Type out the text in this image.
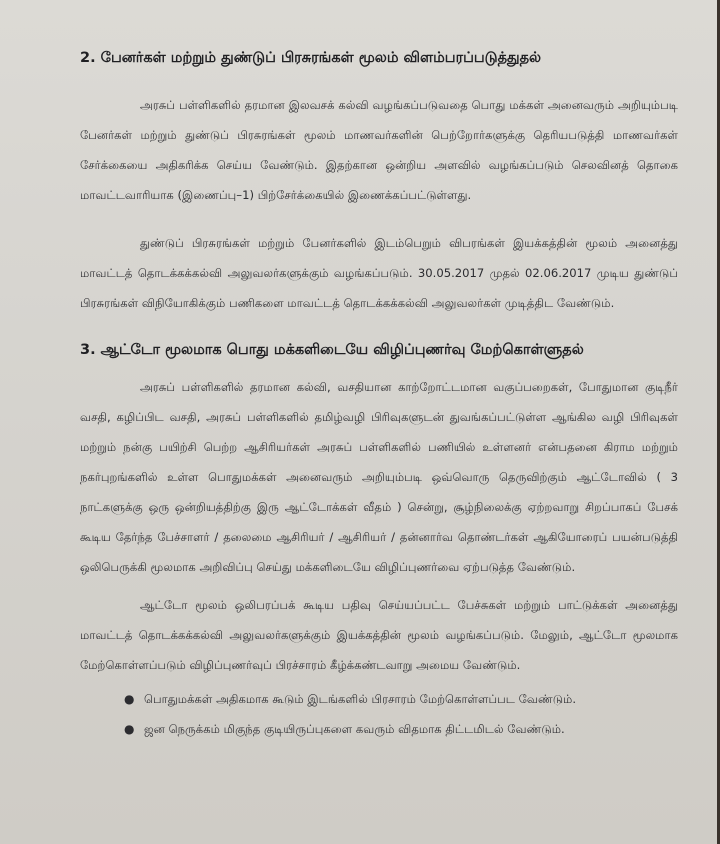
2. பேனர்கள் மற்றும் துண்டுப் பிரசுரங்கள் மூலம் விளம்பரப்படுத்துதல்

அரசுப் பள்ளிகளில் தரமான இலவசக் கல்வி வழங்கப்படுவதை பொது மக்கள் அனைவரும் அறியும்படி பேனர்கள் மற்றும் துண்டுப் பிரசுரங்கள் மூலம் மாணவர்களின் பெற்றோர்களுக்கு தெரியபடுத்தி மாணவர்கள் சேர்க்கையை அதிகரிக்க செய்ய வேண்டும். இதற்கான ஒன்றிய அளவில் வழங்கப்படும் செலவினத் தொகை மாவட்டவாரியாக (இணைப்பு–1) பிற்சேர்க்கையில் இணைக்கப்பட்டுள்ளது.

துண்டுப் பிரசுரங்கள் மற்றும் பேனர்களில் இடம்பெறும் விபரங்கள் இயக்கத்தின் மூலம் அனைத்து மாவட்டத் தொடக்கக்கல்வி அலுவலர்களுக்கும் வழங்கப்படும். 30.05.2017 முதல் 02.06.2017 முடிய துண்டுப் பிரசுரங்கள் விநியோகிக்கும் பணிகளை மாவட்டத் தொடக்கக்கல்வி அலுவலர்கள் முடித்திட வேண்டும்.

3. ஆட்டோ மூலமாக பொது மக்களிடையே விழிப்புணர்வு மேற்கொள்ளுதல்

அரசுப் பள்ளிகளில் தரமான கல்வி, வசதியான காற்றோட்டமான வகுப்பறைகள், போதுமான குடிநீர் வசதி, கழிப்பிட வசதி, அரசுப் பள்ளிகளில் தமிழ்வழி பிரிவுகளுடன் துவங்கப்பட்டுள்ள ஆங்கில வழி பிரிவுகள் மற்றும் நன்கு பயிற்சி பெற்ற ஆசிரியர்கள் அரசுப் பள்ளிகளில் பணியில் உள்ளனர் என்பதனை கிராம மற்றும் நகர்புறங்களில் உள்ள பொதுமக்கள் அனைவரும் அறியும்படி ஒவ்வொரு தெருவிற்கும் ஆட்டோவில் ( 3 நாட்களுக்கு ஒரு ஒன்றியத்திற்கு இரு ஆட்டோக்கள் வீதம் ) சென்று, சூழ்நிலைக்கு ஏற்றவாறு சிறப்பாகப் பேசக் கூடிய தேர்ந்த பேச்சாளர் / தலைமை ஆசிரியர் / ஆசிரியர் / தன்னார்வ தொண்டர்கள் ஆகியோரைப் பயன்படுத்தி ஒலிபெருக்கி மூலமாக அறிவிப்பு செய்து மக்களிடையே விழிப்புணர்வை ஏற்படுத்த வேண்டும்.

ஆட்டோ மூலம் ஒலிபரப்பக் கூடிய பதிவு செய்யப்பட்ட பேச்சுகள் மற்றும் பாட்டுக்கள் அனைத்து மாவட்டத் தொடக்கக்கல்வி அலுவலர்களுக்கும் இயக்கத்தின் மூலம் வழங்கப்படும். மேலும், ஆட்டோ மூலமாக மேற்கொள்ளப்படும் விழிப்புணர்வுப் பிரச்சாரம் கீழ்க்கண்டவாறு அமைய வேண்டும்.

● பொதுமக்கள் அதிகமாக கூடும் இடங்களில் பிரசாரம் மேற்கொள்ளப்பட வேண்டும்.
● ஜன நெருக்கம் மிகுந்த குடியிருப்புகளை கவரும் விதமாக திட்டமிடல் வேண்டும்.
